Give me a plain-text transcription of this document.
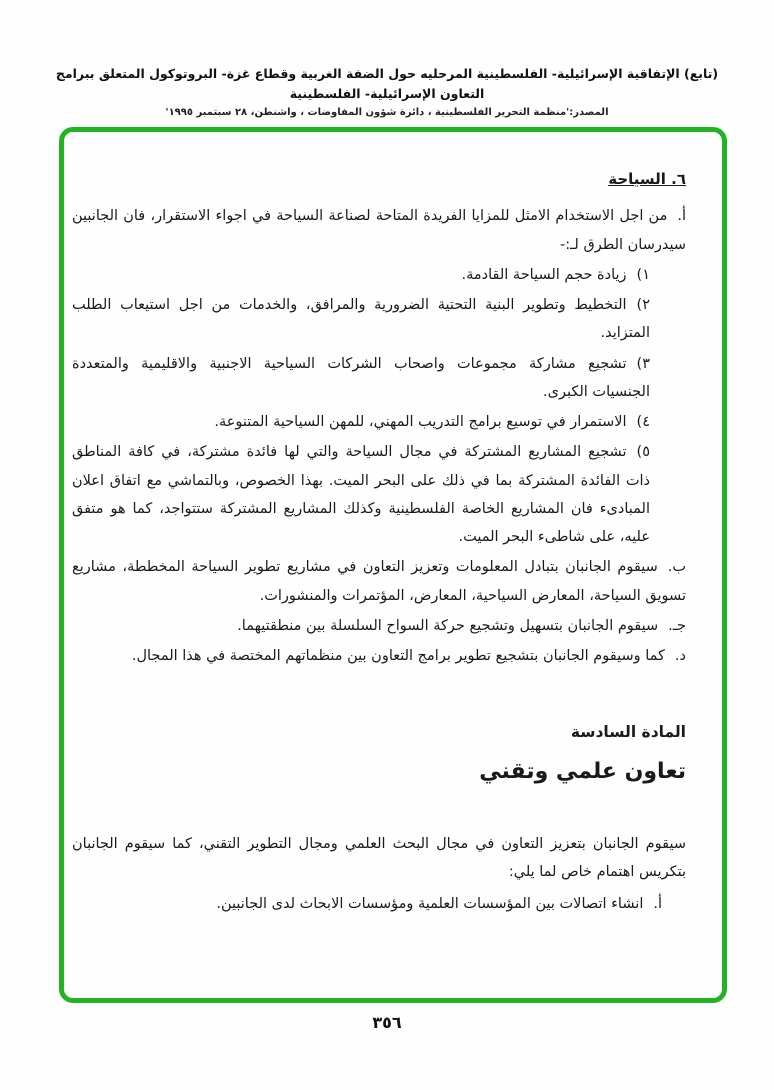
(تابع) الإتفاقية الإسرائيلية- الفلسطينية المرحليه حول الضفة الغربية وقطاع غزة- البروتوكول المتعلق ببرامج التعاون الإسرائيلية- الفلسطينية
المصدر:'منظمة التحرير الفلسطينية ، دائرة شؤون المفاوضات ، واشنطن، ٢٨ سبتمبر ١٩٩٥'
٦. السياحة

أ.من اجل الاستخدام الامثل للمزايا الفريدة المتاحة لصناعة السياحة في اجواء الاستقرار، فان الجانبين سيدرسان الطرق لـ:-

١)زيادة حجم السياحة القادمة.

٢)التخطيط وتطوير البنية التحتية الضرورية والمرافق، والخدمات من اجل استيعاب الطلب المتزايد.

٣)تشجيع مشاركة مجموعات واصحاب الشركات السياحية الاجنبية والاقليمية والمتعددة الجنسيات الكبرى.

٤)الاستمرار في توسيع برامج التدريب المهني، للمهن السياحية المتنوعة.

٥)تشجيع المشاريع المشتركة في مجال السياحة والتي لها فائدة مشتركة، في كافة المناطق ذات الفائدة المشتركة بما في ذلك على البحر الميت. بهذا الخصوص، وبالتماشي مع اتفاق اعلان المبادىء فان المشاريع الخاصة الفلسطينية وكذلك المشاريع المشتركة ستتواجد، كما هو متفق عليه، على شاطىء البحر الميت.

ب.سيقوم الجانبان بتبادل المعلومات وتعزيز التعاون في مشاريع تطوير السياحة المخططة، مشاريع تسويق السياحة، المعارض السياحية، المعارض، المؤتمرات والمنشورات.

جـ.سيقوم الجانبان بتسهيل وتشجيع حركة السواح السلسلة بين منطقتيهما.

د.كما وسيقوم الجانبان بتشجيع تطوير برامج التعاون بين منظماتهم المختصة في هذا المجال.

المادة السادسة
تعاون علمي وتقني

سيقوم الجانبان بتعزيز التعاون في مجال البحث العلمي ومجال التطوير التقني، كما سيقوم الجانبان بتكريس اهتمام خاص لما يلي:

أ.انشاء اتصالات بين المؤسسات العلمية ومؤسسات الابحاث لدى الجانبين.

٣٥٦
